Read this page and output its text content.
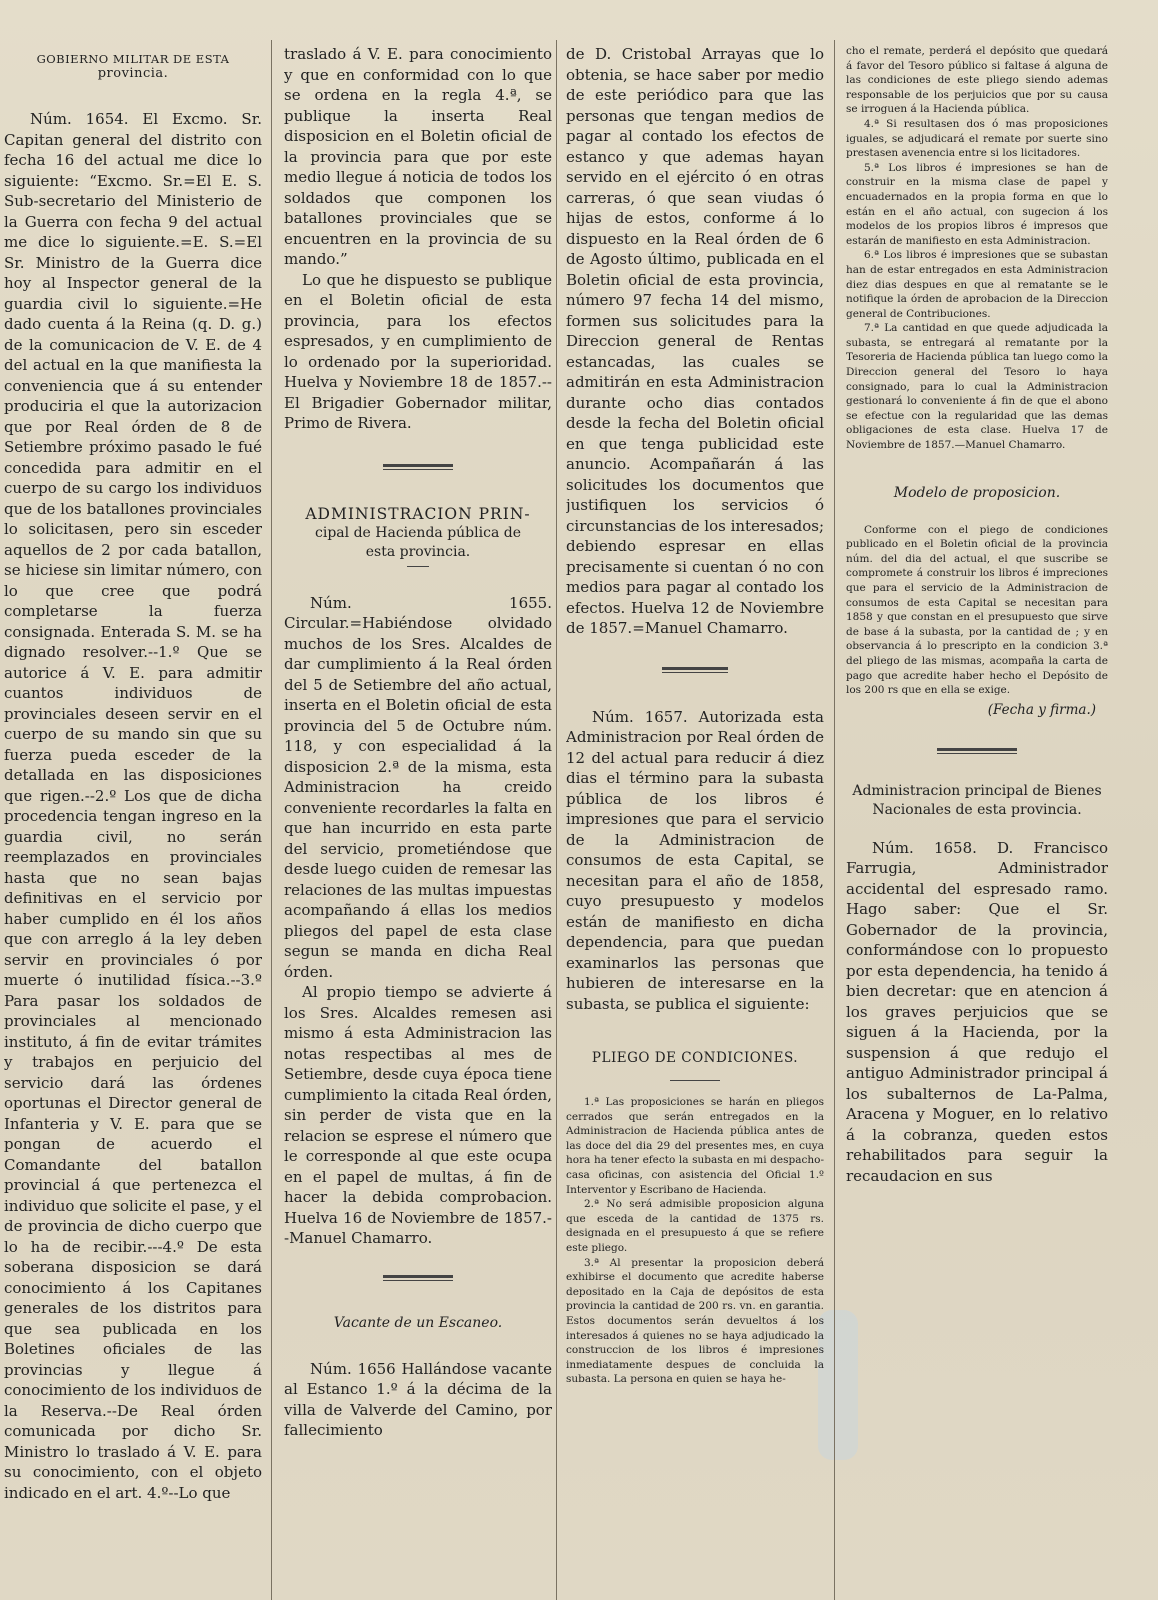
GOBIERNO MILITAR DE ESTA
provincia.

Núm. 1654. El Excmo. Sr. Capitan general del distrito con fecha 16 del actual me dice lo siguiente: “Excmo. Sr.=El E. S. Sub-secretario del Ministerio de la Guerra con fecha 9 del actual me dice lo siguiente.=E. S.=El Sr. Ministro de la Guerra dice hoy al Inspector general de la guardia civil lo siguiente.=He dado cuenta á la Reina (q. D. g.) de la comunicacion de V. E. de 4 del actual en la que manifiesta la conveniencia que á su entender produciria el que la autorizacion que por Real órden de 8 de Setiembre próximo pasado le fué concedida para admitir en el cuerpo de su cargo los individuos que de los batallones provinciales lo solicitasen, pero sin esceder aquellos de 2 por cada batallon, se hiciese sin limitar número, con lo que cree que podrá completarse la fuerza consignada. Enterada S. M. se ha dignado resolver.--1.º Que se autorice á V. E. para admitir cuantos individuos de provinciales deseen servir en el cuerpo de su mando sin que su fuerza pueda esceder de la detallada en las disposiciones que rigen.--2.º Los que de dicha procedencia tengan ingreso en la guardia civil, no serán reemplazados en provinciales hasta que no sean bajas definitivas en el servicio por haber cumplido en él los años que con arreglo á la ley deben servir en provinciales ó por muerte ó inutilidad física.--3.º Para pasar los soldados de provinciales al mencionado instituto, á fin de evitar trámites y trabajos en perjuicio del servicio dará las órdenes oportunas el Director general de Infanteria y V. E. para que se pongan de acuerdo el Comandante del batallon provincial á que pertenezca el individuo que solicite el pase, y el de provincia de dicho cuerpo que lo ha de recibir.---4.º De esta soberana disposicion se dará conocimiento á los Capitanes generales de los distritos para que sea publicada en los Boletines oficiales de las provincias y llegue á conocimiento de los individuos de la Reserva.--De Real órden comunicada por dicho Sr. Ministro lo traslado á V. E. para su conocimiento, con el objeto indicado en el art. 4.º--Lo que

traslado á V. E. para conocimiento y que en conformidad con lo que se ordena en la regla 4.ª, se publique la inserta Real disposicion en el Boletin oficial de la provincia para que por este medio llegue á noticia de todos los soldados que componen los batallones provinciales que se encuentren en la provincia de su mando.”

Lo que he dispuesto se publique en el Boletin oficial de esta provincia, para los efectos espresados, y en cumplimiento de lo ordenado por la superioridad. Huelva y Noviembre 18 de 1857.--El Brigadier Gobernador militar, Primo de Rivera.

ADMINISTRACION PRIN-
cipal de Hacienda pública de
esta provincia.

Núm. 1655. Circular.=Habiéndose olvidado muchos de los Sres. Alcaldes de dar cumplimiento á la Real órden del 5 de Setiembre del año actual, inserta en el Boletin oficial de esta provincia del 5 de Octubre núm. 118, y con especialidad á la disposicion 2.ª de la misma, esta Administracion ha creido conveniente recordarles la falta en que han incurrido en esta parte del servicio, prometiéndose que desde luego cuiden de remesar las relaciones de las multas impuestas acompañando á ellas los medios pliegos del papel de esta clase segun se manda en dicha Real órden.

Al propio tiempo se advierte á los Sres. Alcaldes remesen asi mismo á esta Administracion las notas respectibas al mes de Setiembre, desde cuya época tiene cumplimiento la citada Real órden, sin perder de vista que en la relacion se esprese el número que le corresponde al que este ocupa en el papel de multas, á fin de hacer la debida comprobacion. Huelva 16 de Noviembre de 1857.--Manuel Chamarro.

Vacante de un Escaneo.

Núm. 1656 Hallándose vacante al Estanco 1.º á la décima de la villa de Valverde del Camino, por fallecimiento

de D. Cristobal Arrayas que lo obtenia, se hace saber por medio de este periódico para que las personas que tengan medios de pagar al contado los efectos de estanco y que ademas hayan servido en el ejército ó en otras carreras, ó que sean viudas ó hijas de estos, conforme á lo dispuesto en la Real órden de 6 de Agosto último, publicada en el Boletin oficial de esta provincia, número 97 fecha 14 del mismo, formen sus solicitudes para la Direccion general de Rentas estancadas, las cuales se admitirán en esta Administracion durante ocho dias contados desde la fecha del Boletin oficial en que tenga publicidad este anuncio. Acompañarán á las solicitudes los documentos que justifiquen los servicios ó circunstancias de los interesados; debiendo espresar en ellas precisamente si cuentan ó no con medios para pagar al contado los efectos. Huelva 12 de Noviembre de 1857.=Manuel Chamarro.

Núm. 1657. Autorizada esta Administracion por Real órden de 12 del actual para reducir á diez dias el término para la subasta pública de los libros é impresiones que para el servicio de la Administracion de consumos de esta Capital, se necesitan para el año de 1858, cuyo presupuesto y modelos están de manifiesto en dicha dependencia, para que puedan examinarlos las personas que hubieren de interesarse en la subasta, se publica el siguiente:

PLIEGO DE CONDICIONES.

1.ª Las proposiciones se harán en pliegos cerrados que serán entregados en la Administracion de Hacienda pública antes de las doce del dia 29 del presentes mes, en cuya hora ha tener efecto la subasta en mi despacho-casa oficinas, con asistencia del Oficial 1.º Interventor y Escribano de Hacienda.

2.ª No será admisible proposicion alguna que esceda de la cantidad de 1375 rs. designada en el presupuesto á que se refiere este pliego.

3.ª Al presentar la proposicion deberá exhibirse el documento que acredite haberse depositado en la Caja de depósitos de esta provincia la cantidad de 200 rs. vn. en garantia. Estos documentos serán devueltos á los interesados á quienes no se haya adjudicado la construccion de los libros é impresiones inmediatamente despues de concluida la subasta. La persona en quien se haya he-

cho el remate, perderá el depósito que quedará á favor del Tesoro público si faltase á alguna de las condiciones de este pliego siendo ademas responsable de los perjuicios que por su causa se irroguen á la Hacienda pública.

4.ª Si resultasen dos ó mas proposiciones iguales, se adjudicará el remate por suerte sino prestasen avenencia entre si los licitadores.

5.ª Los libros é impresiones se han de construir en la misma clase de papel y encuadernados en la propia forma en que lo están en el año actual, con sugecion á los modelos de los propios libros é impresos que estarán de manifiesto en esta Administracion.

6.ª Los libros é impresiones que se subastan han de estar entregados en esta Administracion diez dias despues en que al rematante se le notifique la órden de aprobacion de la Direccion general de Contribuciones.

7.ª La cantidad en que quede adjudicada la subasta, se entregará al rematante por la Tesoreria de Hacienda pública tan luego como la Direccion general del Tesoro lo haya consignado, para lo cual la Administracion gestionará lo conveniente á fin de que el abono se efectue con la regularidad que las demas obligaciones de esta clase. Huelva 17 de Noviembre de 1857.—Manuel Chamarro.

Modelo de proposicion.

Conforme con el piego de condiciones publicado en el Boletin oficial de la provincia núm. del dia del actual, el que suscribe se compromete á construir los libros é impreciones que para el servicio de la Administracion de consumos de esta Capital se necesitan para 1858 y que constan en el presupuesto que sirve de base á la subasta, por la cantidad de ; y en observancia á lo prescripto en la condicion 3.ª del pliego de las mismas, acompaña la carta de pago que acredite haber hecho el Depósito de los 200 rs que en ella se exige.

(Fecha y firma.)
Administracion principal de Bienes
Nacionales de esta provincia.

Núm. 1658. D. Francisco Farrugia, Administrador accidental del espresado ramo. Hago saber: Que el Sr. Gobernador de la provincia, conformándose con lo propuesto por esta dependencia, ha tenido á bien decretar: que en atencion á los graves perjuicios que se siguen á la Hacienda, por la suspension á que redujo el antiguo Administrador principal á los subalternos de La-Palma, Aracena y Moguer, en lo relativo á la cobranza, queden estos rehabilitados para seguir la recaudacion en sus
